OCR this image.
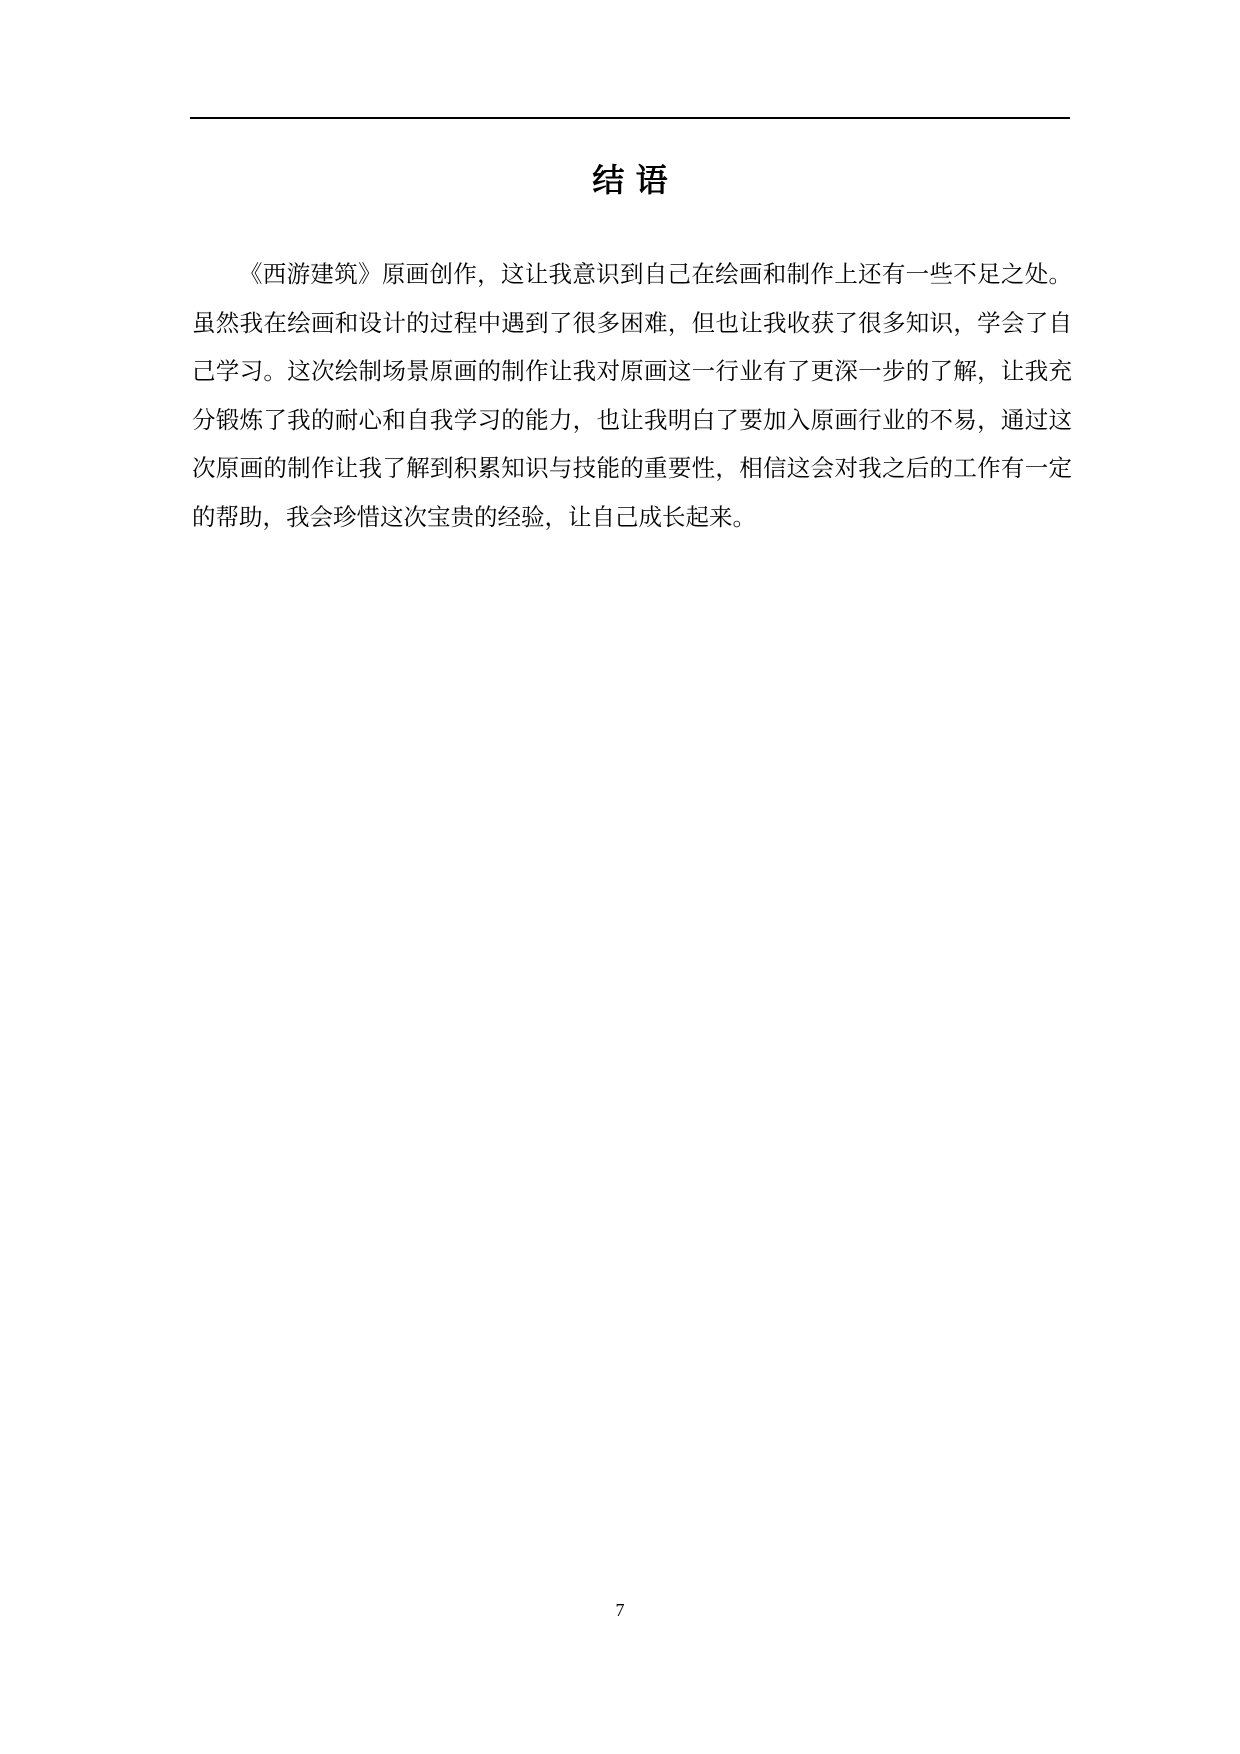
结 语

《西游建筑》原画创作，这让我意识到自己在绘画和制作上还有一些不足之处。虽然我在绘画和设计的过程中遇到了很多困难，但也让我收获了很多知识，学会了自己学习。这次绘制场景原画的制作让我对原画这一行业有了更深一步的了解，让我充分锻炼了我的耐心和自我学习的能力，也让我明白了要加入原画行业的不易，通过这次原画的制作让我了解到积累知识与技能的重要性，相信这会对我之后的工作有一定的帮助，我会珍惜这次宝贵的经验，让自己成长起来。

7
